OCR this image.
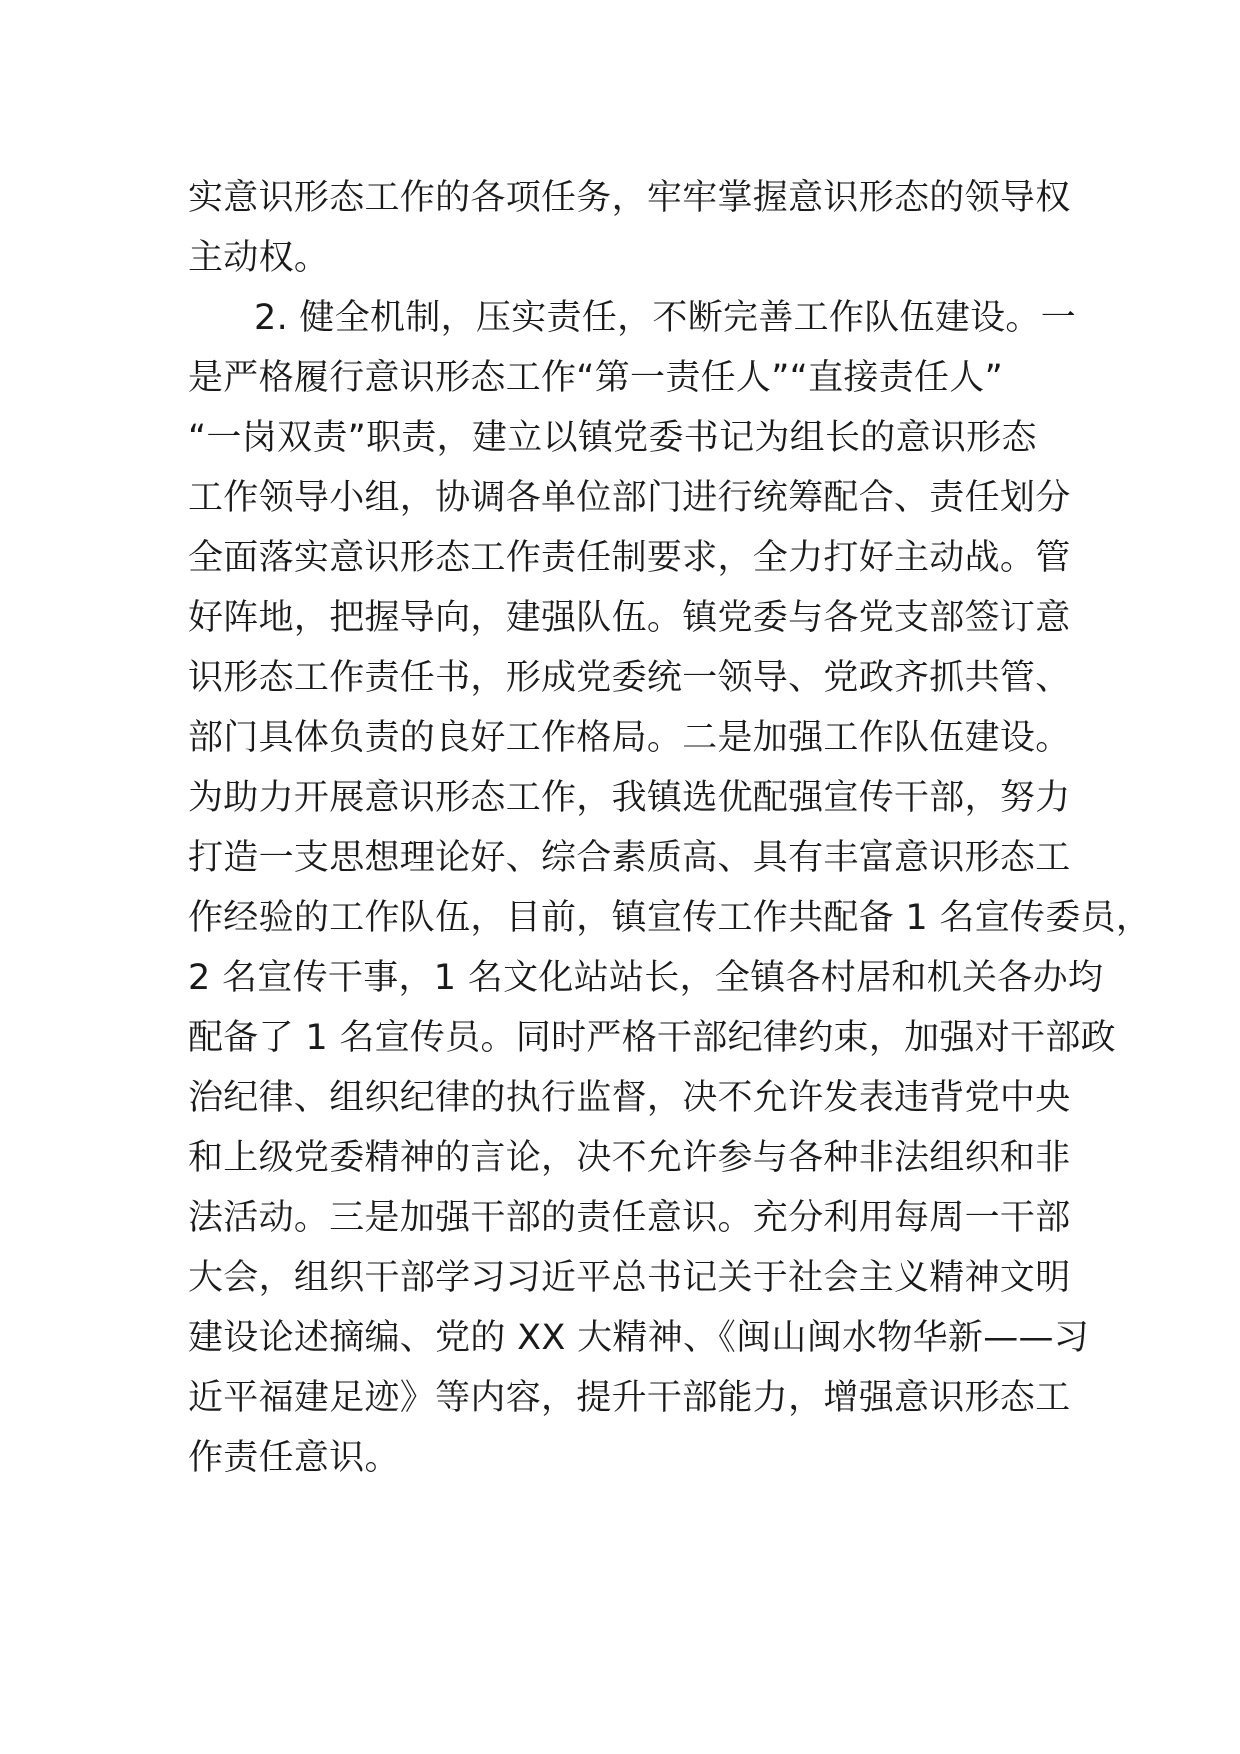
实意识形态工作的各项任务，牢牢掌握意识形态的领导权
主动权。
2. 健全机制，压实责任，不断完善工作队伍建设。一
是严格履行意识形态工作“第一责任人”“直接责任人”
“一岗双责”职责，建立以镇党委书记为组长的意识形态
工作领导小组，协调各单位部门进行统筹配合、责任划分
全面落实意识形态工作责任制要求，全力打好主动战。管
好阵地，把握导向，建强队伍。镇党委与各党支部签订意
识形态工作责任书，形成党委统一领导、党政齐抓共管、
部门具体负责的良好工作格局。二是加强工作队伍建设。
为助力开展意识形态工作，我镇选优配强宣传干部，努力
打造一支思想理论好、综合素质高、具有丰富意识形态工
作经验的工作队伍，目前，镇宣传工作共配备 1 名宣传委员，
2 名宣传干事，1 名文化站站长，全镇各村居和机关各办均
配备了 1 名宣传员。同时严格干部纪律约束，加强对干部政
治纪律、组织纪律的执行监督，决不允许发表违背党中央
和上级党委精神的言论，决不允许参与各种非法组织和非
法活动。三是加强干部的责任意识。充分利用每周一干部
大会，组织干部学习习近平总书记关于社会主义精神文明
建设论述摘编、党的 XX 大精神、《闽山闽水物华新——习
近平福建足迹》等内容，提升干部能力，增强意识形态工
作责任意识。
